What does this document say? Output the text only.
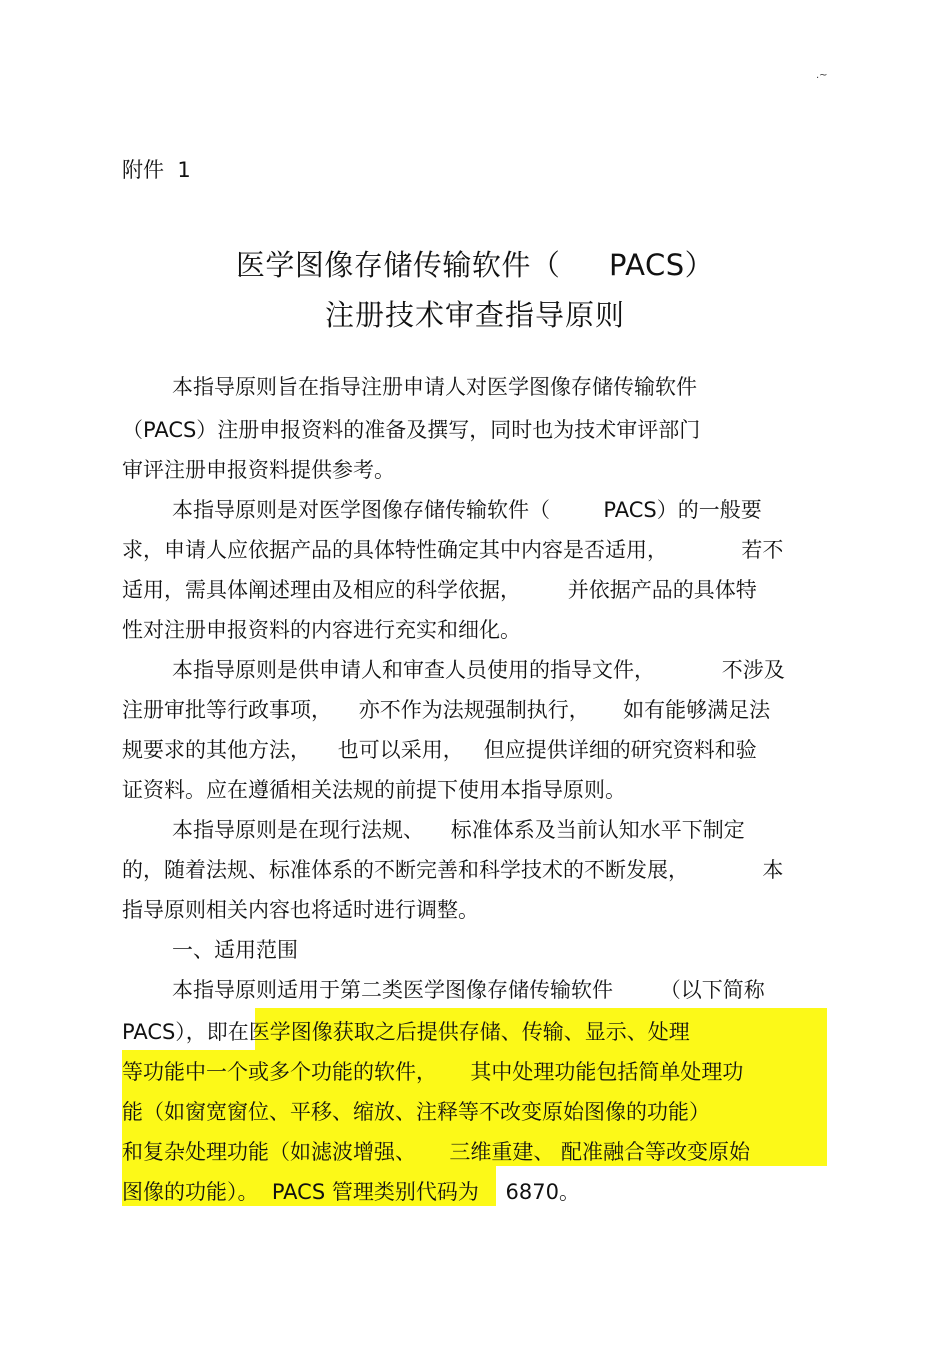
.~
附件  1
医学图像存储传输软件（     PACS）
注册技术审查指导原则
本指导原则旨在指导注册申请人对医学图像存储传输软件
（PACS）注册申报资料的准备及撰写，同时也为技术审评部门
审评注册申报资料提供参考。
本指导原则是对医学图像存储传输软件（        PACS）的一般要
求，申请人应依据产品的具体特性确定其中内容是否适用，           若不
适用，需具体阐述理由及相应的科学依据，       并依据产品的具体特
性对注册申报资料的内容进行充实和细化。
本指导原则是供申请人和审查人员使用的指导文件，          不涉及
注册审批等行政事项，    亦不作为法规强制执行，     如有能够满足法
规要求的其他方法，    也可以采用，   但应提供详细的研究资料和验
证资料。应在遵循相关法规的前提下使用本指导原则。
本指导原则是在现行法规、    标准体系及当前认知水平下制定
的，随着法规、标准体系的不断完善和科学技术的不断发展，           本
指导原则相关内容也将适时进行调整。
一、适用范围
本指导原则适用于第二类医学图像存储传输软件       （以下简称
PACS），即在医学图像获取之后提供存储、传输、显示、处理
等功能中一个或多个功能的软件，     其中处理功能包括简单处理功
能（如窗宽窗位、平移、缩放、注释等不改变原始图像的功能）
和复杂处理功能（如滤波增强、     三维重建、 配准融合等改变原始
图像的功能）。  PACS 管理类别代码为    6870。
